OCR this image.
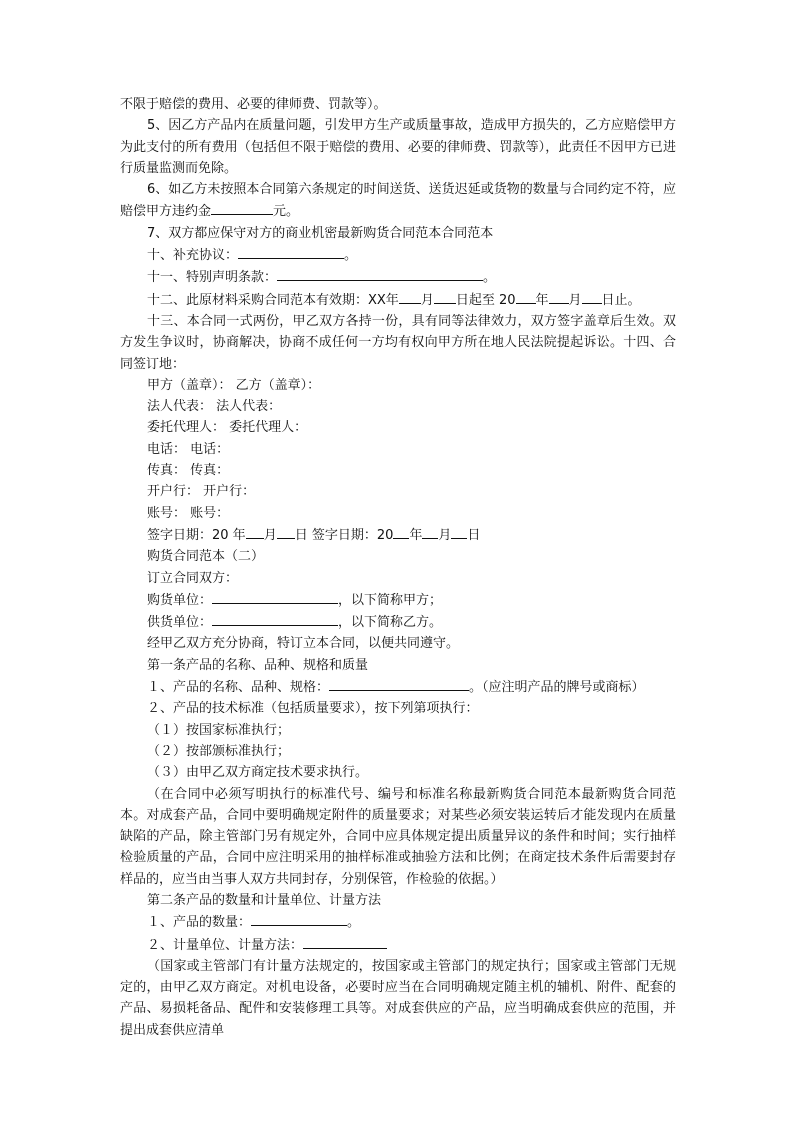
不限于赔偿的费用、必要的律师费、罚款等）。
5、因乙方产品内在质量问题，引发甲方生产或质量事故，造成甲方损失的，乙方应赔偿甲方为此支付的所有费用（包括但不限于赔偿的费用、必要的律师费、罚款等），此责任不因甲方已进行质量监测而免除。
6、如乙方未按照本合同第六条规定的时间送货、送货迟延或货物的数量与合同约定不符，应赔偿甲方违约金	元。
7、双方都应保守对方的商业机密最新购货合同范本合同范本
十、补充协议：	。
十一、特别声明条款：	。
十二、此原材料采购合同范本有效期：XX年 月 日起至 20 年 月 日止。
十三、本合同一式两份，甲乙双方各持一份，具有同等法律效力，双方签字盖章后生效。双方发生争议时，协商解决，协商不成任何一方均有权向甲方所在地人民法院提起诉讼。十四、合同签订地：
甲方（盖章）： 乙方（盖章）：
法人代表： 法人代表：
委托代理人： 委托代理人：
电话： 电话：
传真： 传真：
开户行： 开户行：
账号： 账号：
签字日期：20 年 月 日 签字日期：20 年 月 日
购货合同范本（二）
订立合同双方：
购货单位：	，以下简称甲方；
供货单位：	，以下简称乙方。
经甲乙双方充分协商，特订立本合同，以便共同遵守。
第一条产品的名称、品种、规格和质量
１、产品的名称、品种、规格：	。（应注明产品的牌号或商标）
２、产品的技术标准（包括质量要求），按下列第项执行：
（１）按国家标准执行；
（２）按部颁标准执行；
（３）由甲乙双方商定技术要求执行。
（在合同中必须写明执行的标准代号、编号和标准名称最新购货合同范本最新购货合同范本。对成套产品，合同中要明确规定附件的质量要求；对某些必须安装运转后才能发现内在质量缺陷的产品，除主管部门另有规定外，合同中应具体规定提出质量异议的条件和时间；实行抽样检验质量的产品，合同中应注明采用的抽样标准或抽验方法和比例；在商定技术条件后需要封存样品的，应当由当事人双方共同封存，分别保管，作检验的依据。）
第二条产品的数量和计量单位、计量方法
１、产品的数量：	。
２、计量单位、计量方法：
（国家或主管部门有计量方法规定的，按国家或主管部门的规定执行；国家或主管部门无规定的，由甲乙双方商定。对机电设备，必要时应当在合同明确规定随主机的辅机、附件、配套的产品、易损耗备品、配件和安装修理工具等。对成套供应的产品，应当明确成套供应的范围，并提出成套供应清单
